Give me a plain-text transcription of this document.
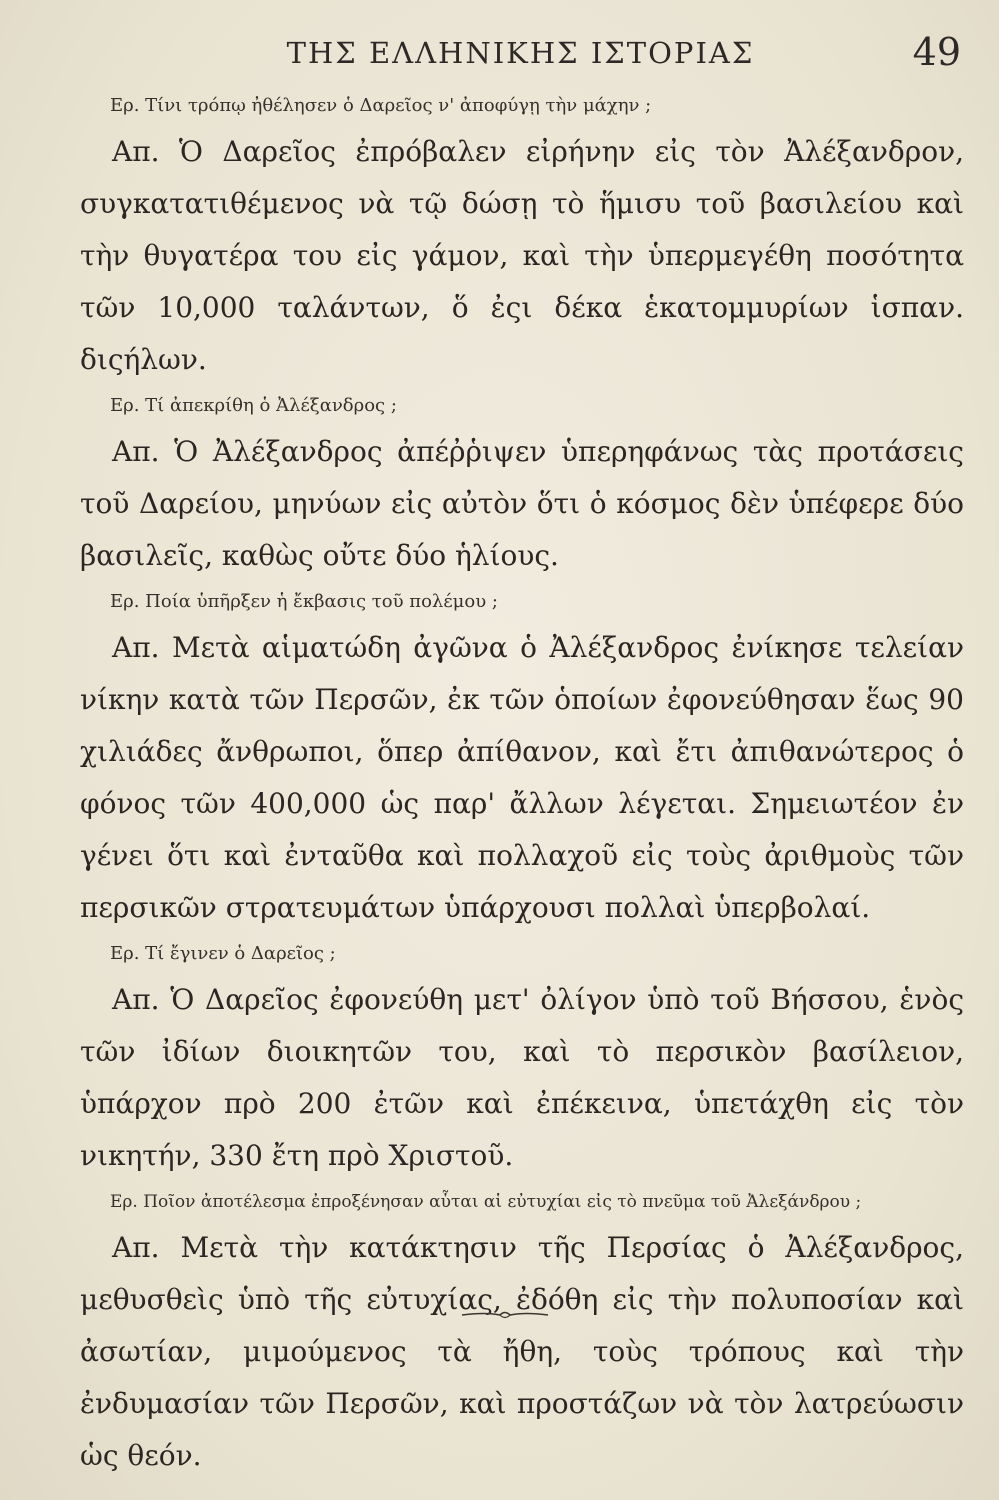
ΤΗΣ ΕΛΛΗΝΙΚΗΣ ΙΣΤΟΡΙΑΣ	49

Ερ. Τίνι τρόπῳ ἠθέλησεν ὁ Δαρεῖος ν' ἀποφύγῃ τὴν μάχην ;

Απ. Ὁ Δαρεῖος ἐπρόβαλεν εἰρήνην εἰς τὸν Ἀλέξανδρον, συγκατατιθέμενος νὰ τῷ δώσῃ τὸ ἥμισυ τοῦ βασιλείου καὶ τὴν θυγατέρα του εἰς γάμον, καὶ τὴν ὑπερμεγέθη ποσότητα τῶν 10,000 ταλάντων, ὅ ἐςι δέκα ἑκατομμυρίων ἱσπαν. διςήλων.

Ερ. Τί ἀπεκρίθη ὁ Ἀλέξανδρος ;

Απ. Ὁ Ἀλέξανδρος ἀπέῤῥιψεν ὑπερηφάνως τὰς προτάσεις τοῦ Δαρείου, μηνύων εἰς αὐτὸν ὅτι ὁ κόσμος δὲν ὑπέφερε δύο βασιλεῖς, καθὼς οὔτε δύο ἡλίους.

Ερ. Ποία ὑπῆρξεν ἡ ἔκβασις τοῦ πολέμου ;

Απ. Μετὰ αἱματώδη ἀγῶνα ὁ Ἀλέξανδρος ἐνίκησε τελείαν νίκην κατὰ τῶν Περσῶν, ἐκ τῶν ὁποίων ἐφονεύθησαν ἕως 90 χιλιάδες ἄνθρωποι, ὅπερ ἀπίθανον, καὶ ἔτι ἀπιθανώτερος ὁ φόνος τῶν 400,000 ὡς παρ' ἄλλων λέγεται. Σημειωτέον ἐν γένει ὅτι καὶ ἐνταῦθα καὶ πολλαχοῦ εἰς τοὺς ἀριθμοὺς τῶν περσικῶν στρατευμάτων ὑπάρχουσι πολλαὶ ὑπερβολαί.

Ερ. Τί ἔγινεν ὁ Δαρεῖος ;

Απ. Ὁ Δαρεῖος ἐφονεύθη μετ' ὀλίγον ὑπὸ τοῦ Βήσσου, ἑνὸς τῶν ἰδίων διοικητῶν του, καὶ τὸ περσικὸν βασίλειον, ὑπάρχον πρὸ 200 ἐτῶν καὶ ἐπέκεινα, ὑπετάχθη εἰς τὸν νικητήν, 330 ἔτη πρὸ Χριστοῦ.

Ερ. Ποῖον ἀποτέλεσμα ἐπροξένησαν αὗται αἱ εὐτυχίαι εἰς τὸ πνεῦμα τοῦ Ἀλεξάνδρου ;

Απ. Μετὰ τὴν κατάκτησιν τῆς Περσίας ὁ Ἀλέξανδρος, μεθυσθεὶς ὑπὸ τῆς εὐτυχίας, ἐδόθη εἰς τὴν πολυποσίαν καὶ ἀσωτίαν, μιμούμενος τὰ ἤθη, τοὺς τρόπους καὶ τὴν ἐνδυμασίαν τῶν Περσῶν, καὶ προστάζων νὰ τὸν λατρεύωσιν ὡς θεόν.
